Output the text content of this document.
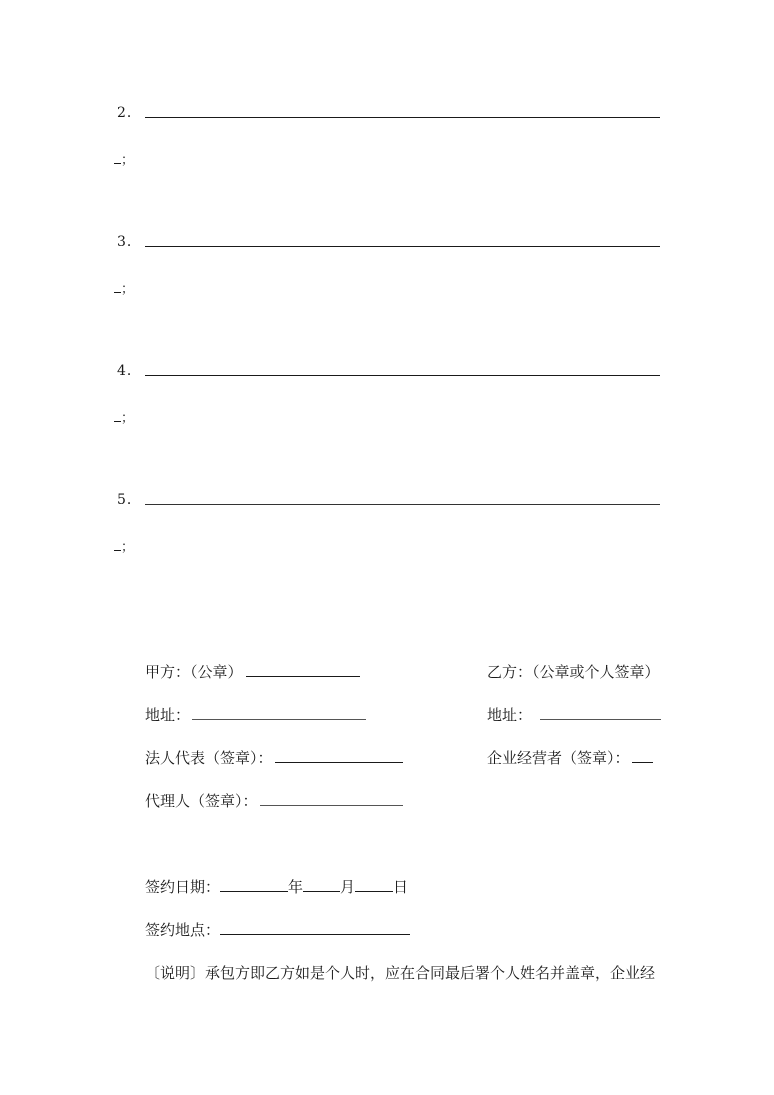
2．
；
3．
；
4．
；
5．
；
甲方：（公章）	乙方：（公章或个人签章）
地址：	地址：
法人代表（签章）：	企业经营者（签章）：
代理人（签章）：
签约日期：	年 月	日
签约地点：
〔说明〕承包方即乙方如是个人时，应在合同最后署个人姓名并盖章，企业经
